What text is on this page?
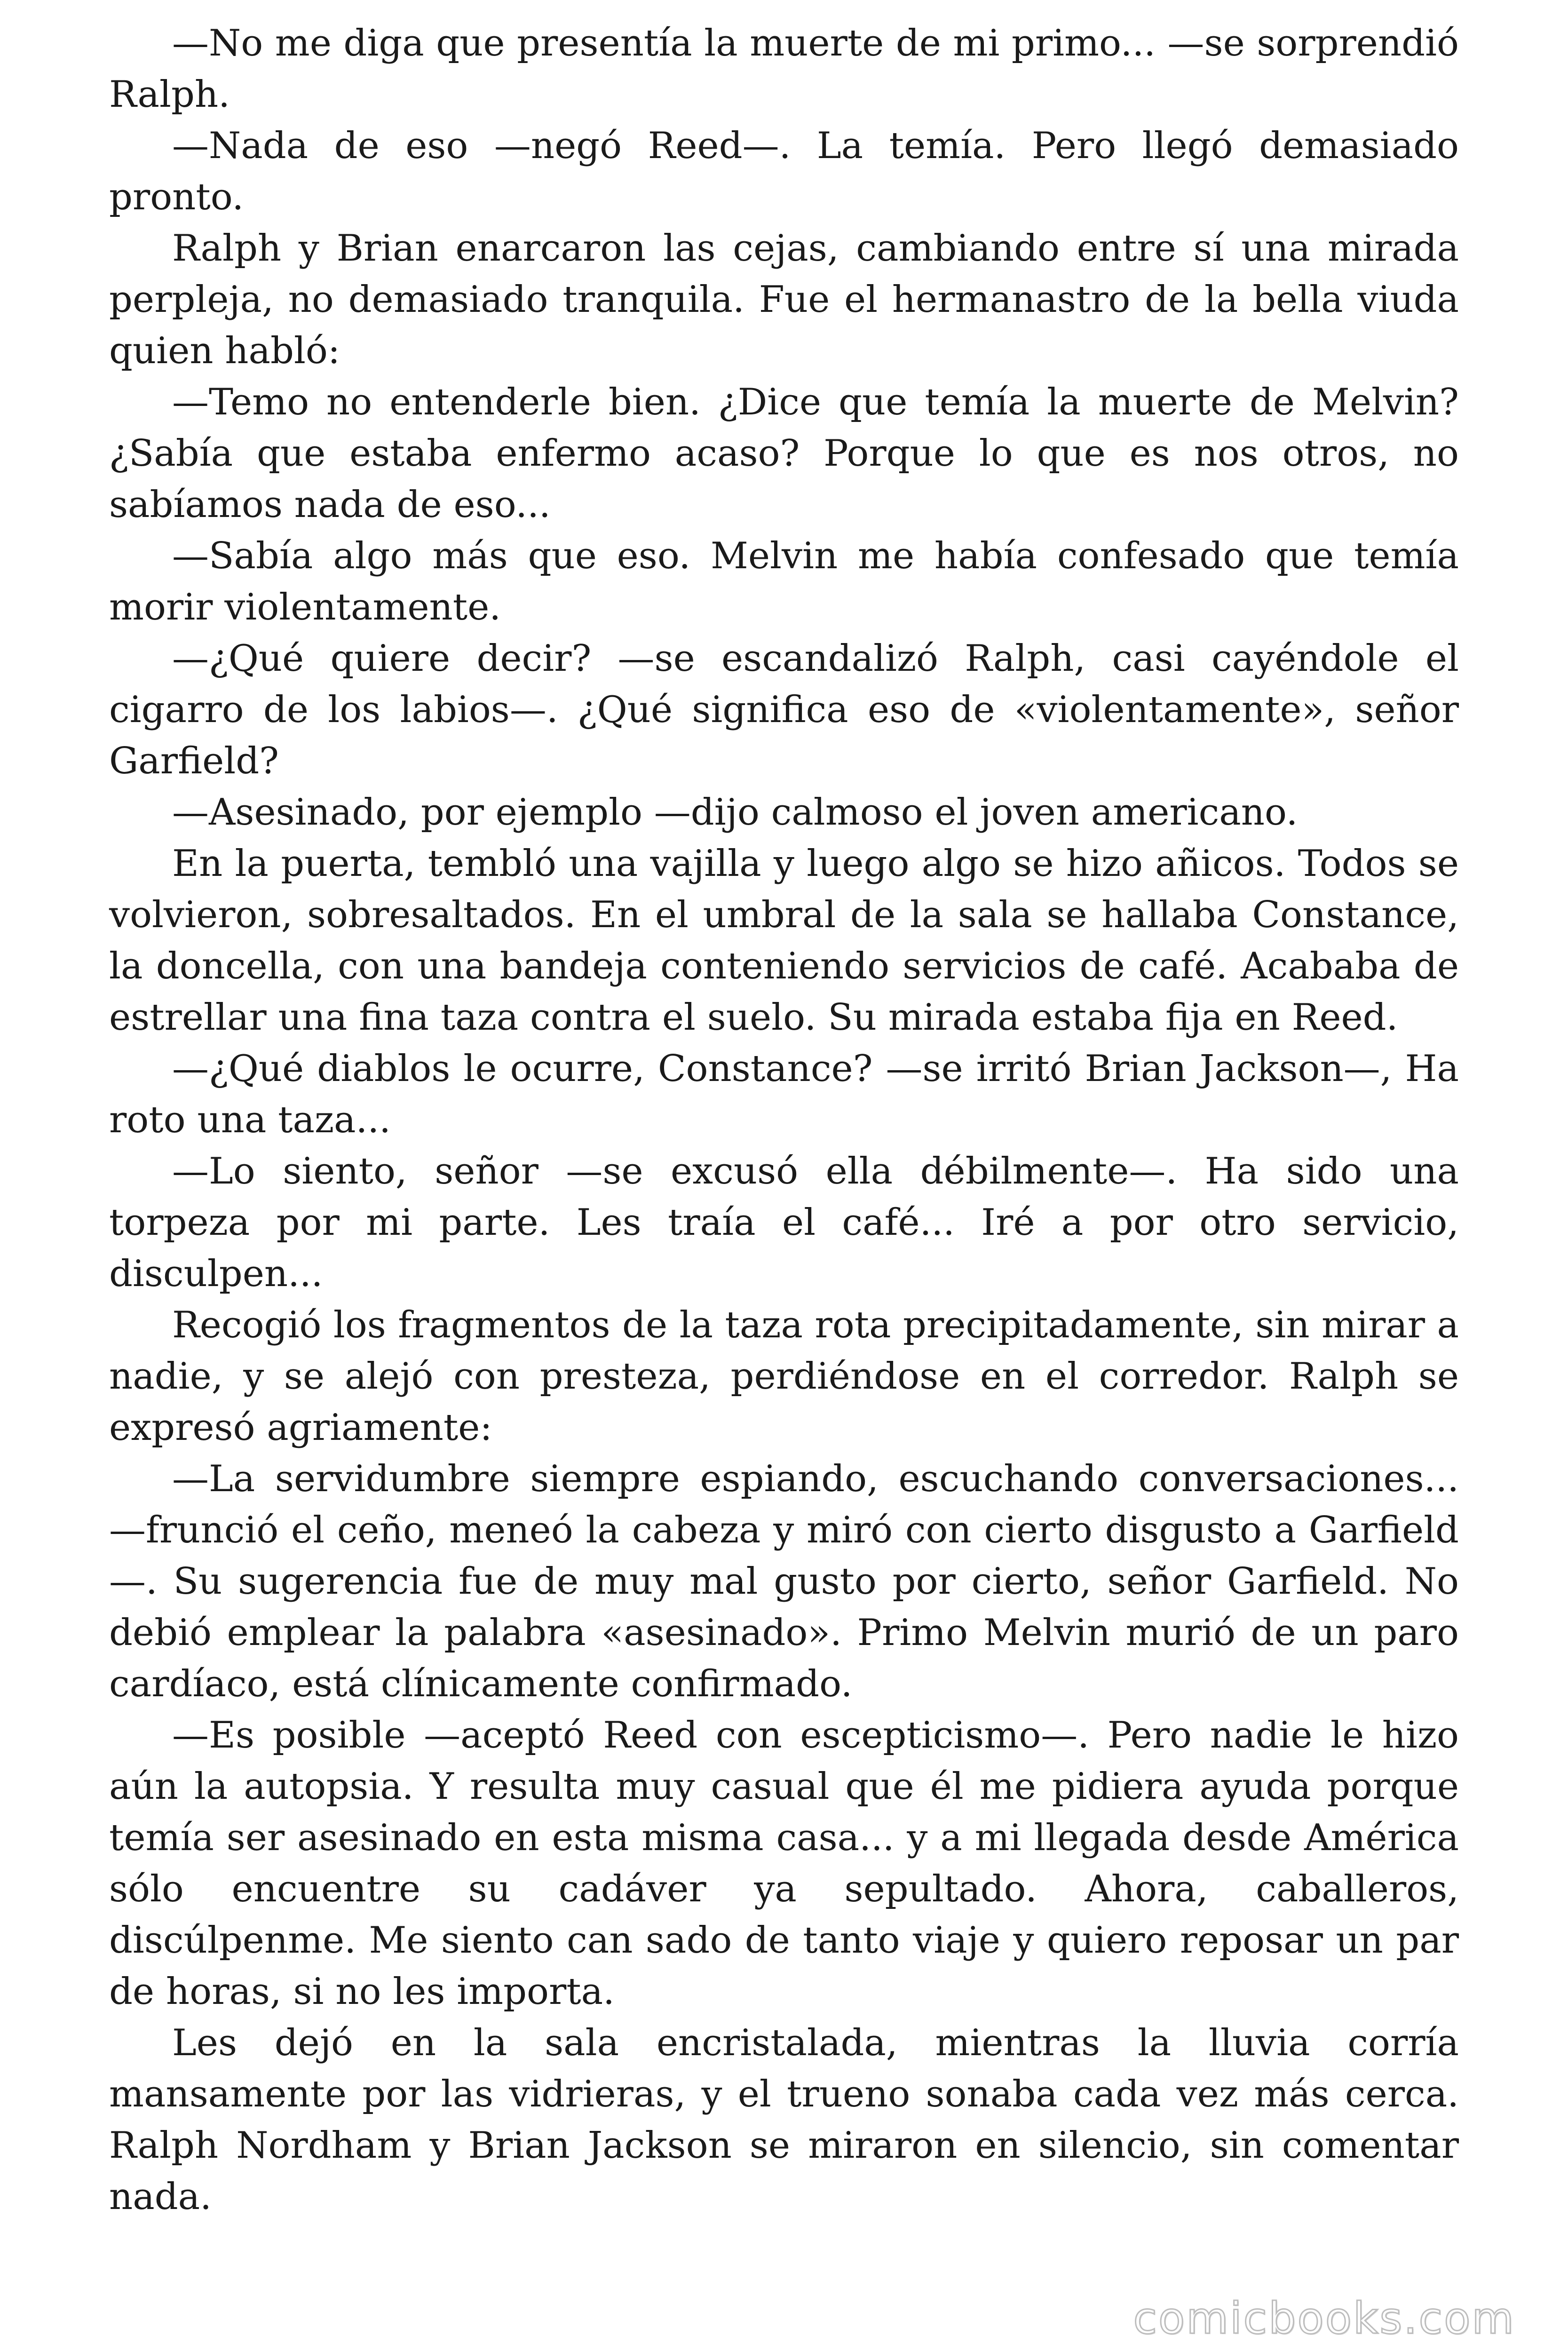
—No me diga que presentía la muerte de mi primo... —se sorprendió Ralph.

—Nada de eso —negó Reed—. La temía. Pero llegó demasiado pronto.

Ralph y Brian enarcaron las cejas, cambiando entre sí una mirada perpleja, no demasiado tranquila. Fue el hermanastro de la bella viuda quien habló:

—Temo no entenderle bien. ¿Dice que temía la muerte de Melvin? ¿Sabía que estaba enfermo acaso? Porque lo que es nos otros, no sabíamos nada de eso...

—Sabía algo más que eso. Melvin me había confesado que temía morir violentamente.

—¿Qué quiere decir? —se escandalizó Ralph, casi cayéndole el cigarro de los labios—. ¿Qué significa eso de «violentamente», señor Garfield?

—Asesinado, por ejemplo —dijo calmoso el joven americano.

En la puerta, tembló una vajilla y luego algo se hizo añicos. Todos se volvieron, sobresaltados. En el umbral de la sala se hallaba Constance, la doncella, con una bandeja conteniendo servicios de café. Acababa de estrellar una fina taza contra el suelo. Su mirada estaba fija en Reed.

—¿Qué diablos le ocurre, Constance? —se irritó Brian Jackson—, Ha roto una taza...

—Lo siento, señor —se excusó ella débilmente—. Ha sido una torpeza por mi parte. Les traía el café... Iré a por otro servicio, disculpen...

Recogió los fragmentos de la taza rota precipitadamente, sin mirar a nadie, y se alejó con presteza, perdiéndose en el corredor. Ralph se expresó agriamente:

—La servidumbre siempre espiando, escuchando conversaciones... —frunció el ceño, meneó la cabeza y miró con cierto disgusto a Garfield—. Su sugerencia fue de muy mal gusto por cierto, señor Garfield. No debió emplear la palabra «asesinado». Primo Melvin murió de un paro cardíaco, está clínicamente confirmado.

—Es posible —aceptó Reed con escepticismo—. Pero nadie le hizo aún la autopsia. Y resulta muy casual que él me pidiera ayuda porque temía ser asesinado en esta misma casa... y a mi llegada desde América sólo encuentre su cadáver ya sepultado. Ahora, caballeros, discúlpenme. Me siento can sado de tanto viaje y quiero reposar un par de horas, si no les importa.

Les dejó en la sala encristalada, mientras la lluvia corría mansamente por las vidrieras, y el trueno sonaba cada vez más cerca. Ralph Nordham y Brian Jackson se miraron en silencio, sin comentar nada.

comicbooks.com
